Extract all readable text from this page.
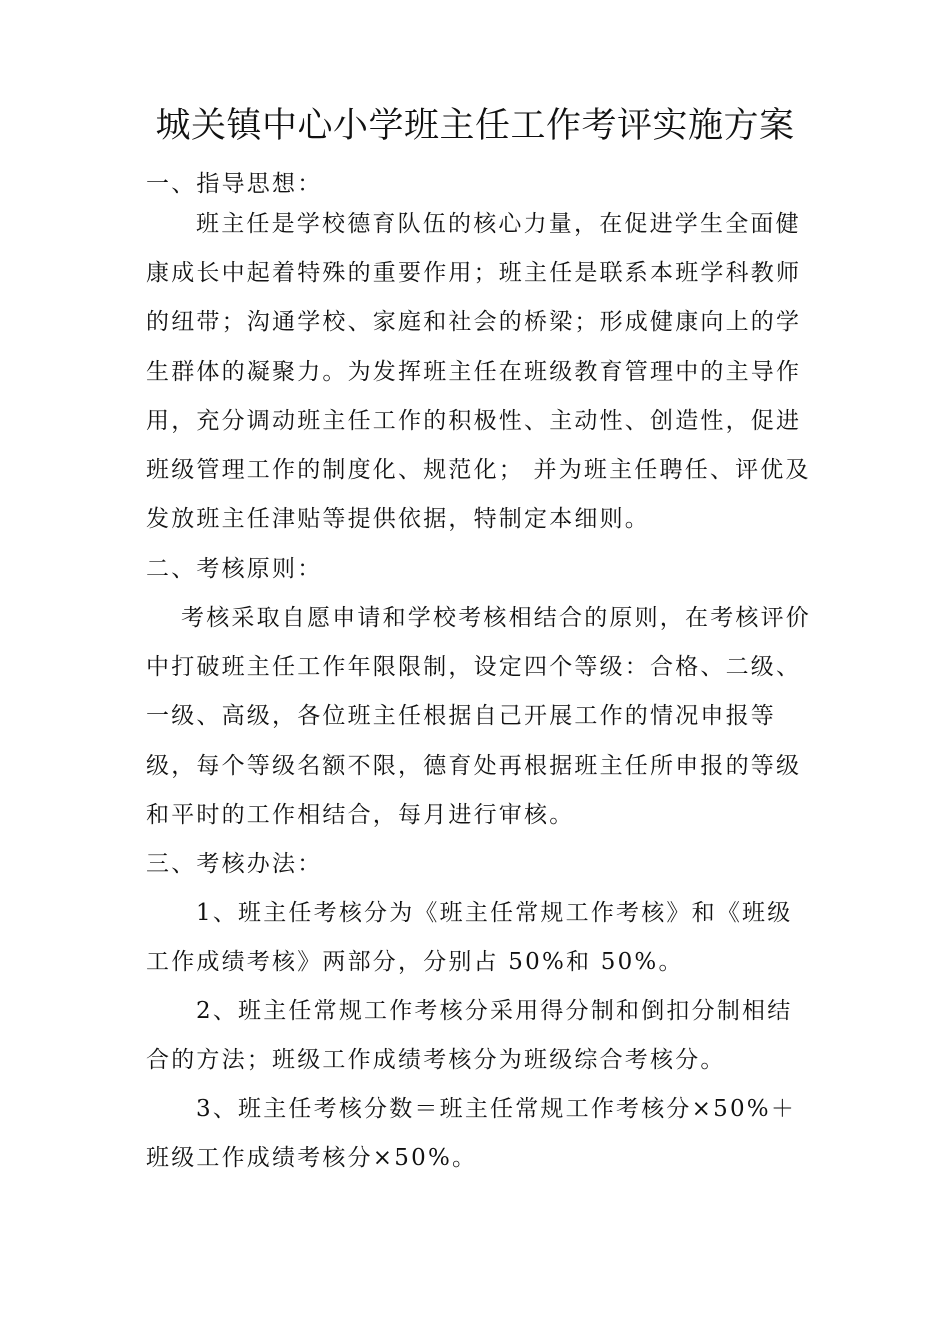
城关镇中心小学班主任工作考评实施方案
一、指导思想：

班主任是学校德育队伍的核心力量，在促进学生全面健康成长中起着特殊的重要作用；班主任是联系本班学科教师的纽带；沟通学校、家庭和社会的桥梁；形成健康向上的学生群体的凝聚力。为发挥班主任在班级教育管理中的主导作用，充分调动班主任工作的积极性、主动性、创造性，促进班级管理工作的制度化、规范化； 并为班主任聘任、评优及发放班主任津贴等提供依据，特制定本细则。

二、考核原则：

考核采取自愿申请和学校考核相结合的原则，在考核评价中打破班主任工作年限限制，设定四个等级：合格、二级、一级、高级，各位班主任根据自己开展工作的情况申报等级，每个等级名额不限，德育处再根据班主任所申报的等级和平时的工作相结合，每月进行审核。

三、考核办法：

1、班主任考核分为《班主任常规工作考核》和《班级工作成绩考核》两部分，分别占 50%和 50%。

2、班主任常规工作考核分采用得分制和倒扣分制相结合的方法；班级工作成绩考核分为班级综合考核分。

3、班主任考核分数＝班主任常规工作考核分×50%＋班级工作成绩考核分×50%。
